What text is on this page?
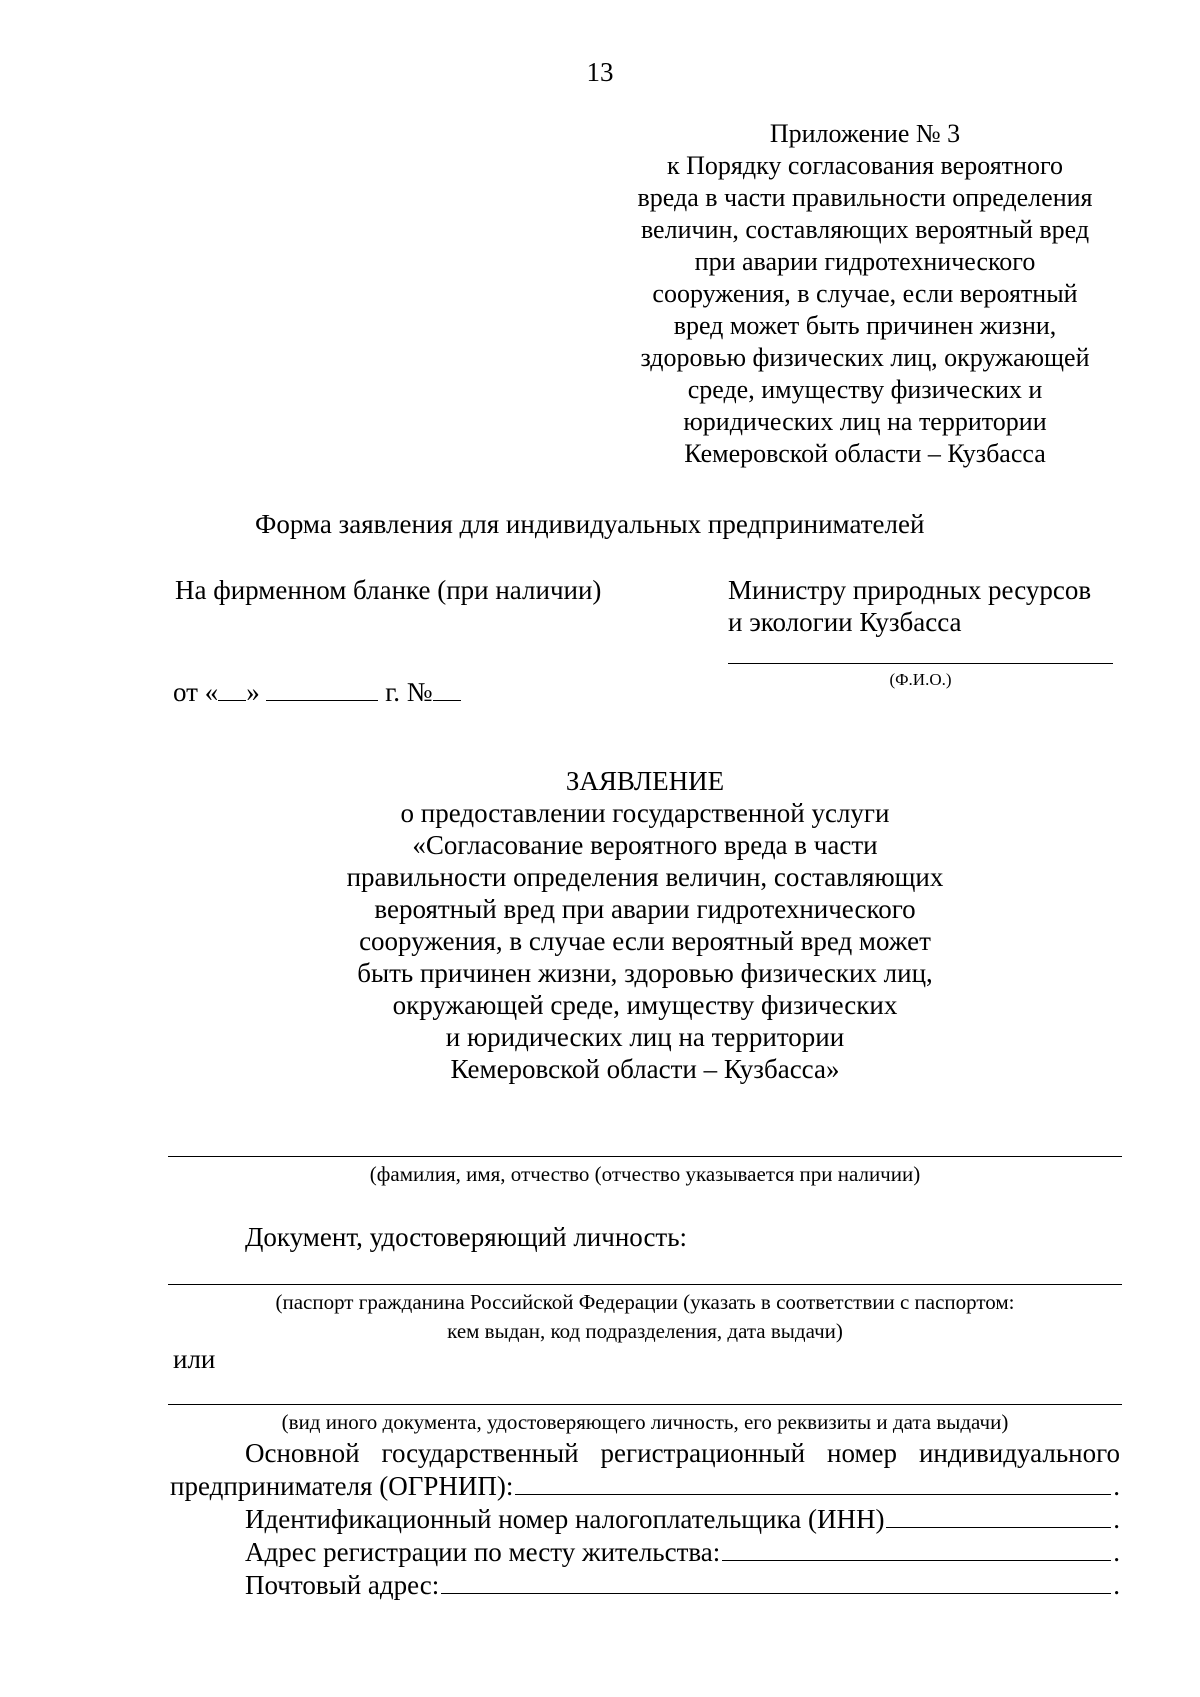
13
Приложение № 3
к Порядку согласования вероятного
вреда в части правильности определения
величин, составляющих вероятный вред
при аварии гидротехнического
сооружения, в случае, если вероятный
вред может быть причинен жизни,
здоровью физических лиц, окружающей
среде, имуществу физических и
юридических лиц на территории
Кемеровской области – Кузбасса
Форма заявления для индивидуальных предпринимателей
На фирменном бланке (при наличии)	Министру природных ресурсов
и экологии Кузбасса
(Ф.И.О.)
от « »	г. №
ЗАЯВЛЕНИЕ
о предоставлении государственной услуги
«Согласование вероятного вреда в части
правильности определения величин, составляющих
вероятный вред при аварии гидротехнического
сооружения, в случае если вероятный вред может
быть причинен жизни, здоровью физических лиц,
окружающей среде, имуществу физических
и юридических лиц на территории
Кемеровской области – Кузбасса»
(фамилия, имя, отчество (отчество указывается при наличии)
Документ, удостоверяющий личность:
(паспорт гражданина Российской Федерации (указать в соответствии с паспортом:
кем выдан, код подразделения, дата выдачи)
или
(вид иного документа, удостоверяющего личность, его реквизиты и дата выдачи)
Основной государственный регистрационный номер индивидуального
предпринимателя (ОГРНИП):	.
Идентификационный номер налогоплательщика (ИНН)	.
Адрес регистрации по месту жительства:	.
Почтовый адрес:	.
